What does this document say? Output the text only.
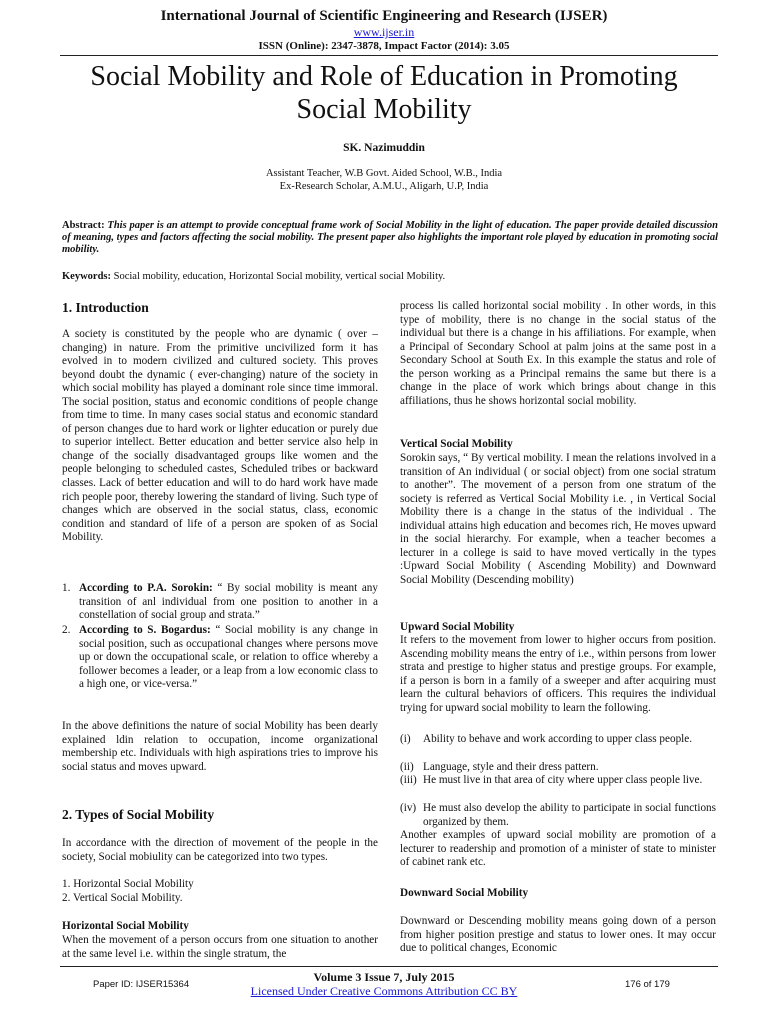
International Journal of Scientific Engineering and Research (IJSER)
www.ijser.in
ISSN (Online): 2347-3878, Impact Factor (2014): 3.05
Social Mobility and Role of Education in Promoting
Social Mobility
SK. Nazimuddin
Assistant Teacher, W.B Govt. Aided School, W.B., India
Ex-Research Scholar, A.M.U., Aligarh, U.P, India
Abstract: This paper is an attempt to provide conceptual frame work of Social Mobility in the light of education. The paper provide detailed discussion of meaning, types and factors affecting the social mobility. The present paper also highlights the important role played by education in promoting social mobility.
Keywords: Social mobility, education, Horizontal Social mobility, vertical social Mobility.
1. Introduction
A society is constituted by the people who are dynamic ( over –changing) in nature. From the primitive uncivilized form it has evolved in to modern civilized and cultured society. This proves beyond doubt the dynamic ( ever-changing) nature of the society in which social mobility has played a dominant role since time immoral. The social position, status and economic conditions of people change from time to time. In many cases social status and economic standard of person changes due to hard work or lighter education or purely due to superior intellect. Better education and better service also help in change of the socially disadvantaged groups like women and the people belonging to scheduled castes, Scheduled tribes or backward classes. Lack of better education and will to do hard work have made rich people poor, thereby lowering the standard of living. Such type of changes which are observed in the social status, class, economic condition and standard of life of a person are spoken of as Social Mobility.
1. According to P.A. Sorokin: “ By social mobility is meant any transition of anl individual from one position to another in a constellation of social group and strata.”
2. According to S. Bogardus: “ Social mobility is any change in social position, such as occupational changes where persons move up or down the occupational scale, or relation to office whereby a follower becomes a leader, or a leap from a low economic class to a high one, or vice-versa.”
In the above definitions the nature of social Mobility has been dearly explained ldin relation to occupation, income organizational membership etc. Individuals with high aspirations tries to improve his social status and moves upward.
2. Types of Social Mobility
In accordance with the direction of movement of the people in the society, Social mobiulity can be categorized into two types.
1. Horizontal Social Mobility
2. Vertical Social Mobility.
Horizontal Social Mobility
When the movement of a person occurs from one situation to another at the same level i.e. within the single stratum, the
process lis called horizontal social mobility . In other words, in this type of mobility, there is no change in the social status of the individual but there is a change in his affiliations. For example, when a Principal of Secondary School at palm joins at the same post in a Secondary School at South Ex. In this example the status and role of the person working as a Principal remains the same but there is a change in the place of work which brings about change in this affiliations, thus he shows horizontal social mobility.
Vertical Social Mobility
Sorokin says, “ By vertical mobility. I mean the relations involved in a transition of An individual ( or social object) from one social stratum to another”. The movement of a person from one stratum of the society is referred as Vertical Social Mobility i.e. , in Vertical Social Mobility there is a change in the status of the individual . The individual attains high education and becomes rich, He moves upward in the social hierarchy. For example, when a teacher becomes a lecturer in a college is said to have moved vertically in the types :Upward Social Mobility ( Ascending Mobility) and Downward Social Mobility (Descending mobility)
Upward Social Mobility
It refers to the movement from lower to higher occurs from position. Ascending mobility means the entry of i.e., within persons from lower strata and prestige to higher status and prestige groups. For example, if a person is born in a family of a sweeper and after acquiring must learn the cultural behaviors of officers. This requires the individual trying for upward social mobility to learn the following.
(i) Ability to behave and work according to upper class people.
(ii) Language, style and their dress pattern.
(iii) He must live in that area of city where upper class people live.
(iv) He must also develop the ability to participate in social functions organized by them.
Another examples of upward social mobility are promotion of a lecturer to readership and promotion of a minister of state to minister of cabinet rank etc.
Downward Social Mobility
Downward or Descending mobility means going down of a person from higher position prestige and status to lower ones. It may occur due to political changes, Economic
Volume 3 Issue 7, July 2015
Licensed Under Creative Commons Attribution CC BY
Paper ID: IJSER15364	176 of 179
